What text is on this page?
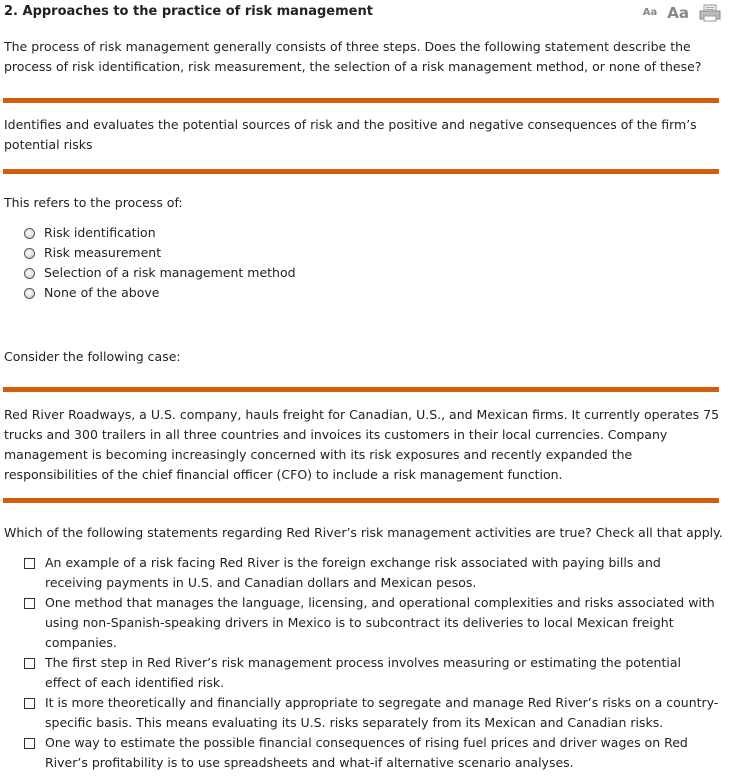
2. Approaches to the practice of risk management	Aa Aa
The process of risk management generally consists of three steps. Does the following statement describe the process of risk identification, risk measurement, the selection of a risk management method, or none of these?
Identifies and evaluates the potential sources of risk and the positive and negative consequences of the firm’s potential risks
This refers to the process of:
Risk identification
Risk measurement
Selection of a risk management method
None of the above
Consider the following case:
Red River Roadways, a U.S. company, hauls freight for Canadian, U.S., and Mexican firms. It currently operates 75 trucks and 300 trailers in all three countries and invoices its customers in their local currencies. Company management is becoming increasingly concerned with its risk exposures and recently expanded the responsibilities of the chief financial officer (CFO) to include a risk management function.
Which of the following statements regarding Red River’s risk management activities are true? Check all that apply.
An example of a risk facing Red River is the foreign exchange risk associated with paying bills and receiving payments in U.S. and Canadian dollars and Mexican pesos.
One method that manages the language, licensing, and operational complexities and risks associated with using non-Spanish-speaking drivers in Mexico is to subcontract its deliveries to local Mexican freight companies.
The first step in Red River’s risk management process involves measuring or estimating the potential effect of each identified risk.
It is more theoretically and financially appropriate to segregate and manage Red River’s risks on a country-specific basis. This means evaluating its U.S. risks separately from its Mexican and Canadian risks.
One way to estimate the possible financial consequences of rising fuel prices and driver wages on Red River’s profitability is to use spreadsheets and what-if alternative scenario analyses.
